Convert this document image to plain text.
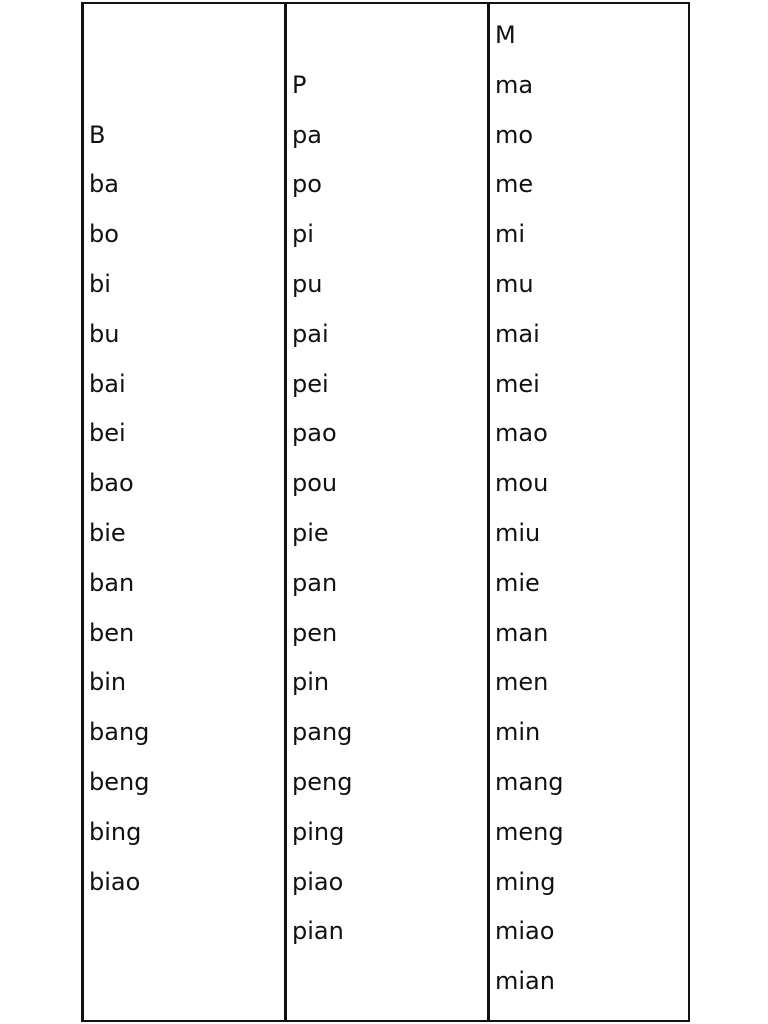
B
ba
bo
bi
bu
bai
bei
bao
bie
ban
ben
bin
bang
beng
bing
biao
P
pa
po
pi
pu
pai
pei
pao
pou
pie
pan
pen
pin
pang
peng
ping
piao
pian
M
ma
mo
me
mi
mu
mai
mei
mao
mou
miu
mie
man
men
min
mang
meng
ming
miao
mian
